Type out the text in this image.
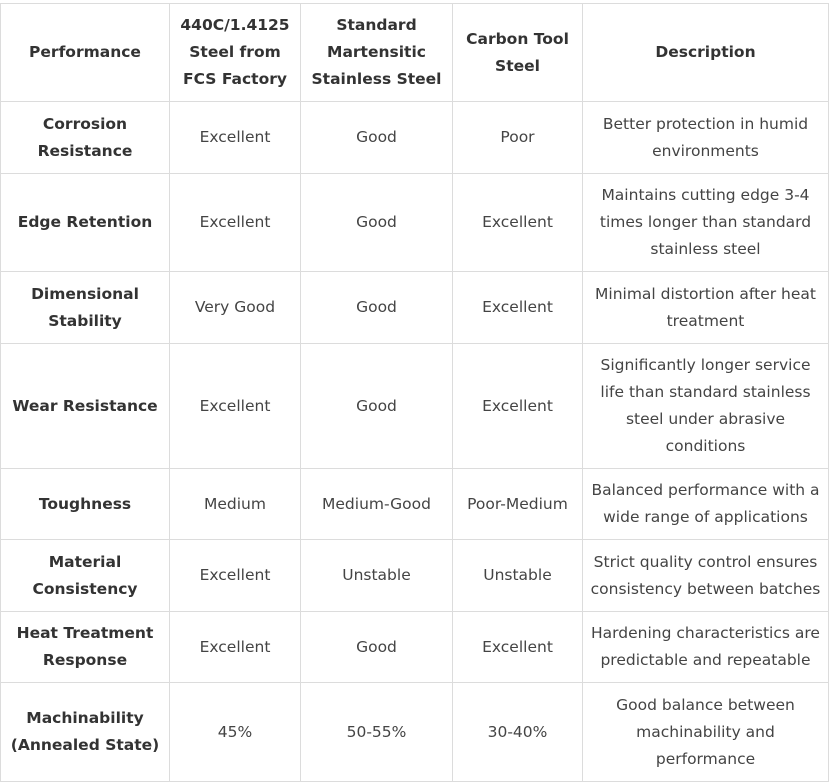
Performance	440C/1.4125 Steel from FCS Factory	Standard Martensitic Stainless Steel	Carbon Tool Steel	Description
Corrosion Resistance	Excellent	Good	Poor	Better protection in humid environments
Edge Retention	Excellent	Good	Excellent	Maintains cutting edge 3-4 times longer than standard stainless steel
Dimensional Stability	Very Good	Good	Excellent	Minimal distortion after heat treatment
Wear Resistance	Excellent	Good	Excellent	Significantly longer service life than standard stainless steel under abrasive conditions
Toughness	Medium	Medium-Good	Poor-Medium	Balanced performance with a wide range of applications
Material Consistency	Excellent	Unstable	Unstable	Strict quality control ensures consistency between batches
Heat Treatment Response	Excellent	Good	Excellent	Hardening characteristics are predictable and repeatable
Machinability (Annealed State)	45%	50-55%	30-40%	Good balance between machinability and performance
